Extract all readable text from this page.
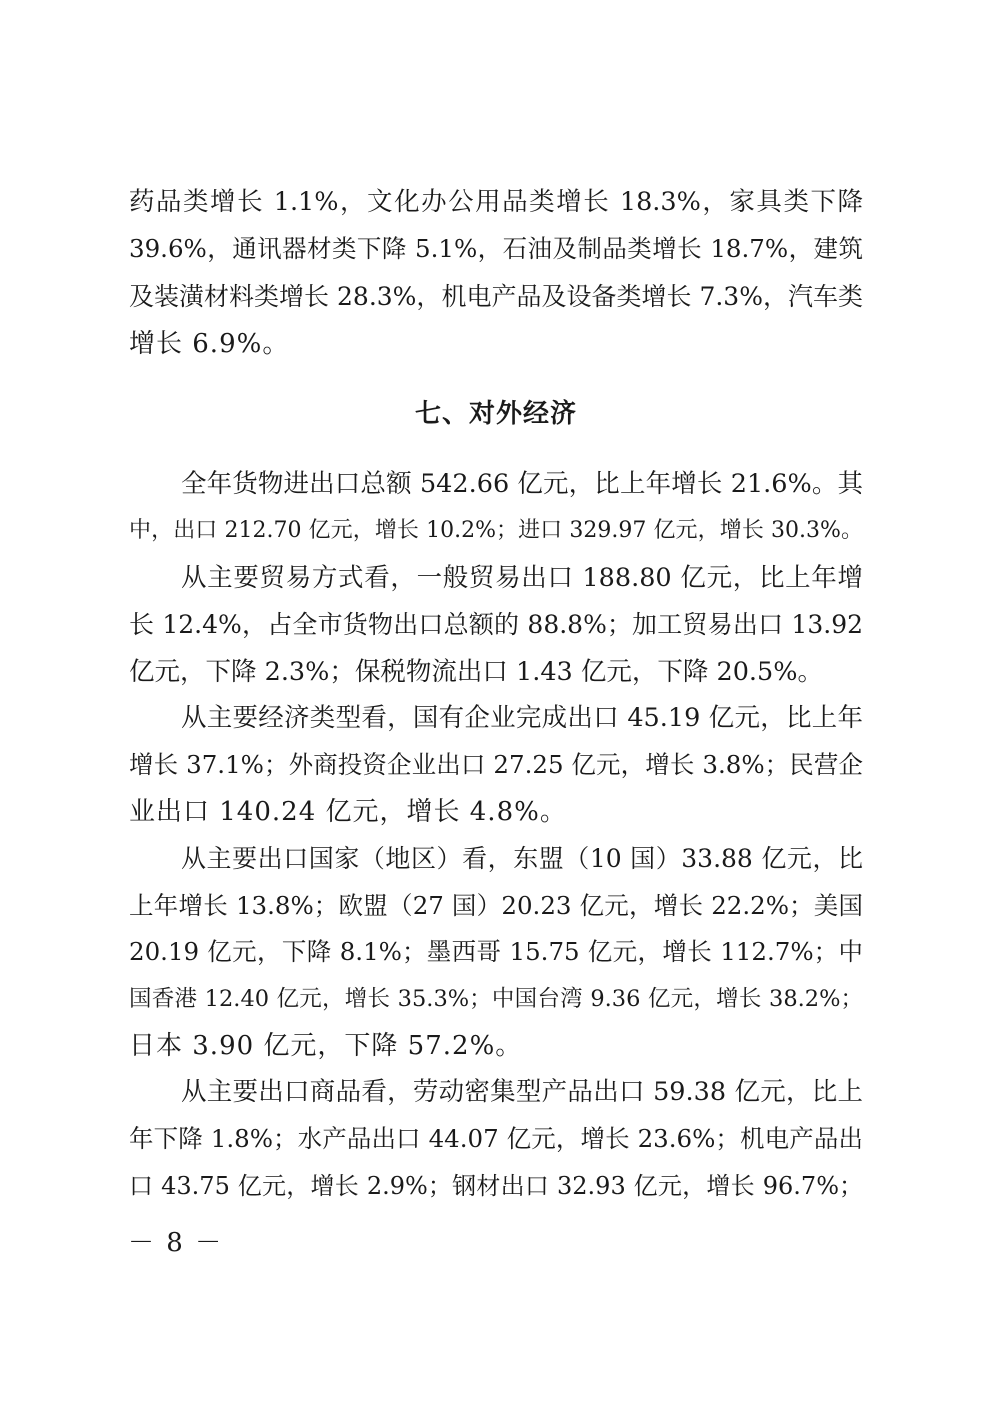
药品类增长 1.1%，文化办公用品类增长 18.3%，家具类下降
39.6%，通讯器材类下降 5.1%，石油及制品类增长 18.7%，建筑
及装潢材料类增长 28.3%，机电产品及设备类增长 7.3%，汽车类
增长 6.9%。
七、对外经济
全年货物进出口总额 542.66 亿元，比上年增长 21.6%。其
中，出口 212.70 亿元，增长 10.2%；进口 329.97 亿元，增长 30.3%。
从主要贸易方式看，一般贸易出口 188.80 亿元，比上年增
长 12.4%，占全市货物出口总额的 88.8%；加工贸易出口 13.92
亿元，下降 2.3%；保税物流出口 1.43 亿元，下降 20.5%。
从主要经济类型看，国有企业完成出口 45.19 亿元，比上年
增长 37.1%；外商投资企业出口 27.25 亿元，增长 3.8%；民营企
业出口 140.24 亿元，增长 4.8%。
从主要出口国家（地区）看，东盟（10 国）33.88 亿元，比
上年增长 13.8%；欧盟（27 国）20.23 亿元，增长 22.2%；美国
20.19 亿元，下降 8.1%；墨西哥 15.75 亿元，增长 112.7%；中
国香港 12.40 亿元，增长 35.3%；中国台湾 9.36 亿元，增长 38.2%；
日本 3.90 亿元，下降 57.2%。
从主要出口商品看，劳动密集型产品出口 59.38 亿元，比上
年下降 1.8%；水产品出口 44.07 亿元，增长 23.6%；机电产品出
口 43.75 亿元，增长 2.9%；钢材出口 32.93 亿元，增长 96.7%；
－ 8 －
